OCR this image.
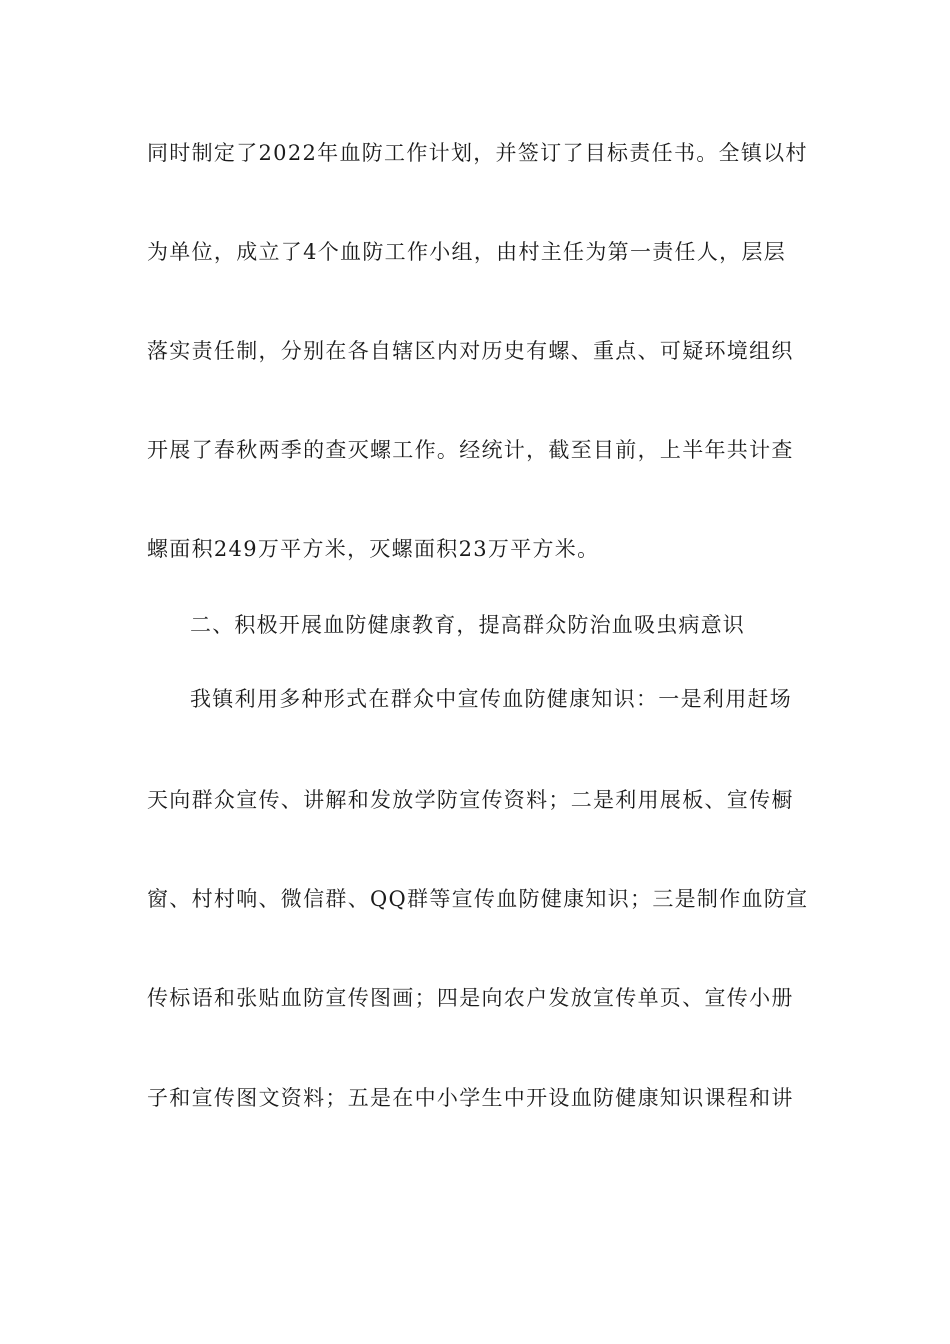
同时制定了2022年血防工作计划，并签订了目标责任书。全镇以村
为单位，成立了4个血防工作小组，由村主任为第一责任人，层层
落实责任制，分别在各自辖区内对历史有螺、重点、可疑环境组织
开展了春秋两季的查灭螺工作。经统计，截至目前，上半年共计查
螺面积249万平方米，灭螺面积23万平方米。
二、积极开展血防健康教育，提高群众防治血吸虫病意识
我镇利用多种形式在群众中宣传血防健康知识：一是利用赶场
天向群众宣传、讲解和发放学防宣传资料；二是利用展板、宣传橱
窗、村村响、微信群、QQ群等宣传血防健康知识；三是制作血防宣
传标语和张贴血防宣传图画；四是向农户发放宣传单页、宣传小册
子和宣传图文资料；五是在中小学生中开设血防健康知识课程和讲
